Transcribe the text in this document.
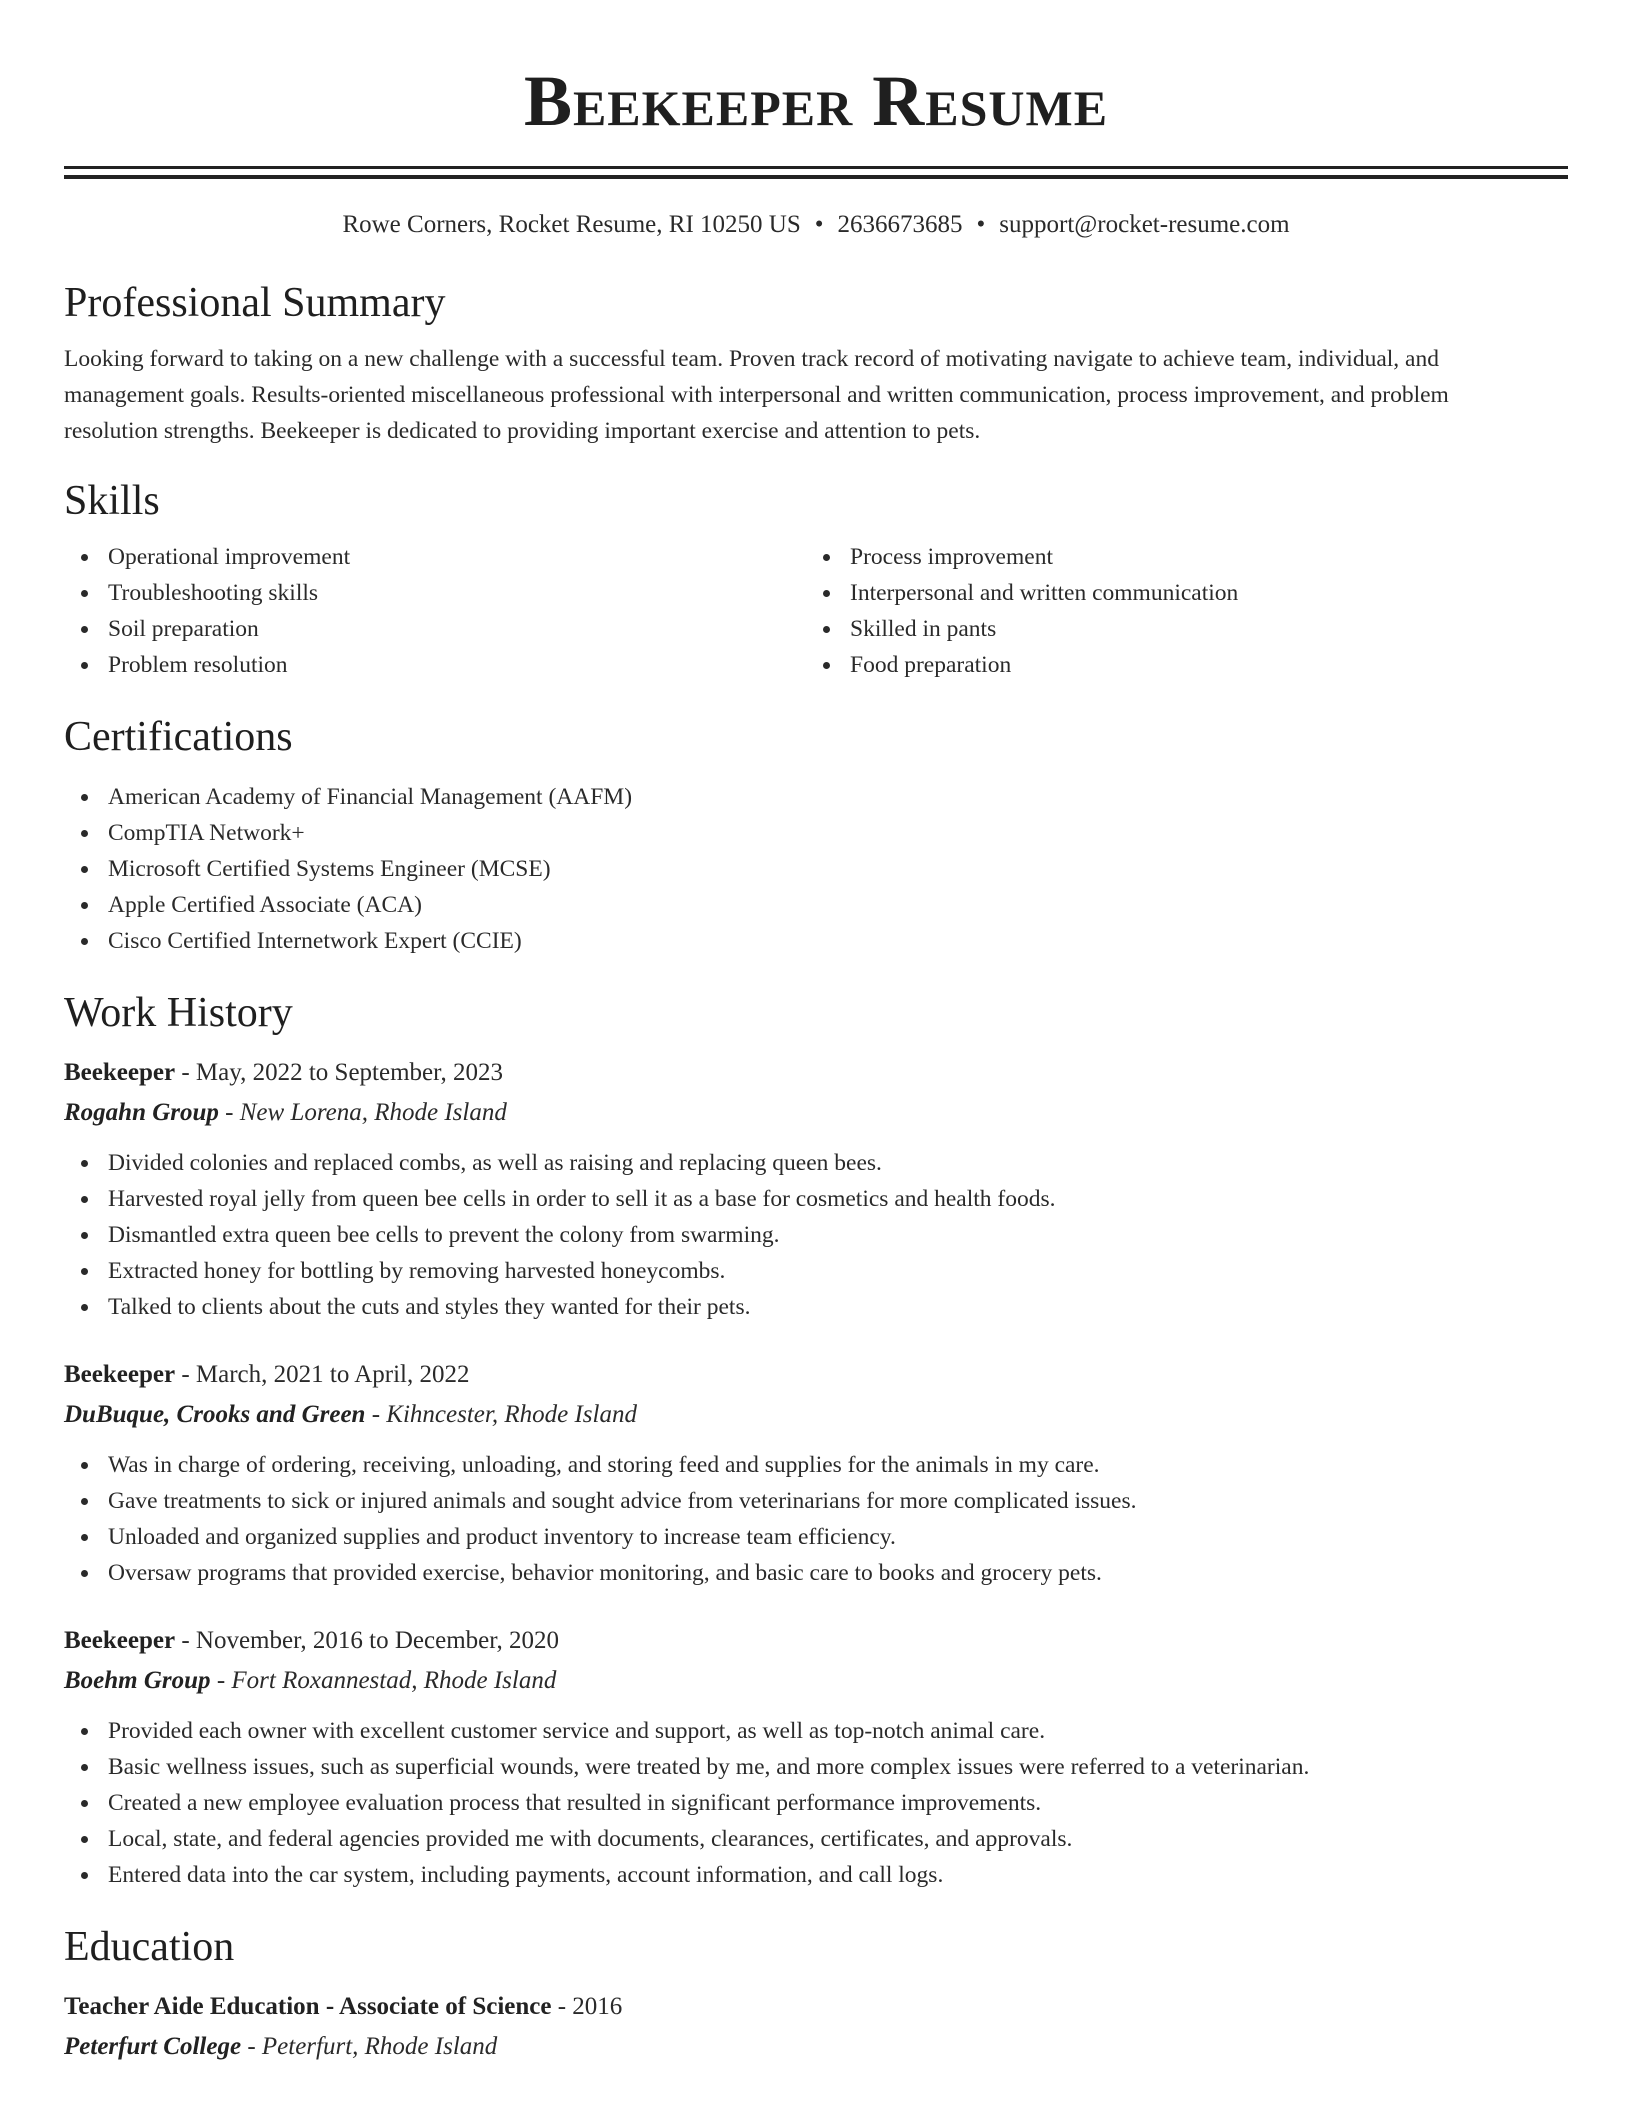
Beekeeper Resume
Rowe Corners, Rocket Resume, RI 10250 US • 2636673685 • support@rocket-resume.com
Professional Summary

Looking forward to taking on a new challenge with a successful team. Proven track record of motivating navigate to achieve team, individual, and

management goals. Results-oriented miscellaneous professional with interpersonal and written communication, process improvement, and problem

resolution strengths. Beekeeper is dedicated to providing important exercise and attention to pets.

Skills
Operational improvement
Troubleshooting skills
Soil preparation
Problem resolution
Process improvement
Interpersonal and written communication
Skilled in pants
Food preparation
Certifications
American Academy of Financial Management (AAFM)
CompTIA Network+
Microsoft Certified Systems Engineer (MCSE)
Apple Certified Associate (ACA)
Cisco Certified Internetwork Expert (CCIE)
Work History
Beekeeper - May, 2022 to September, 2023
Rogahn Group - New Lorena, Rhode Island
Divided colonies and replaced combs, as well as raising and replacing queen bees.
Harvested royal jelly from queen bee cells in order to sell it as a base for cosmetics and health foods.
Dismantled extra queen bee cells to prevent the colony from swarming.
Extracted honey for bottling by removing harvested honeycombs.
Talked to clients about the cuts and styles they wanted for their pets.
Beekeeper - March, 2021 to April, 2022
DuBuque, Crooks and Green - Kihncester, Rhode Island
Was in charge of ordering, receiving, unloading, and storing feed and supplies for the animals in my care.
Gave treatments to sick or injured animals and sought advice from veterinarians for more complicated issues.
Unloaded and organized supplies and product inventory to increase team efficiency.
Oversaw programs that provided exercise, behavior monitoring, and basic care to books and grocery pets.
Beekeeper - November, 2016 to December, 2020
Boehm Group - Fort Roxannestad, Rhode Island
Provided each owner with excellent customer service and support, as well as top-notch animal care.
Basic wellness issues, such as superficial wounds, were treated by me, and more complex issues were referred to a veterinarian.
Created a new employee evaluation process that resulted in significant performance improvements.
Local, state, and federal agencies provided me with documents, clearances, certificates, and approvals.
Entered data into the car system, including payments, account information, and call logs.
Education
Teacher Aide Education - Associate of Science - 2016
Peterfurt College - Peterfurt, Rhode Island
